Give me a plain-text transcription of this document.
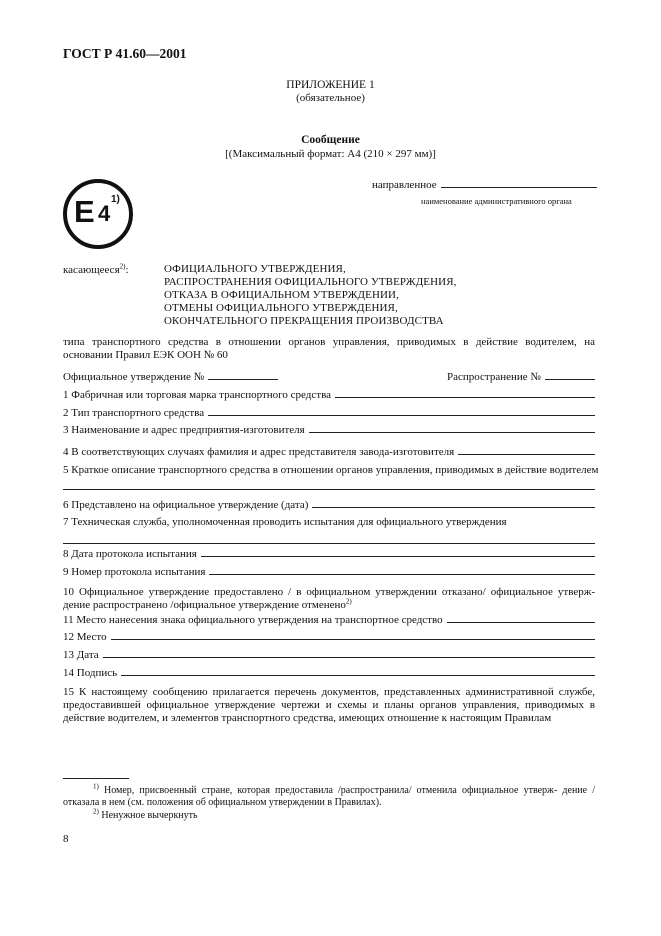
ГОСТ Р 41.60—2001
ПРИЛОЖЕНИЕ 1
(обязательное)
Сообщение
[(Максимальный формат: А4 (210 × 297 мм)]
E 4
1)
направленное
наименование административного органа
касающееся$^{2)}$:	ОФИЦИАЛЬНОГО УТВЕРЖДЕНИЯ,
РАСПРОСТРАНЕНИЯ ОФИЦИАЛЬНОГО УТВЕРЖДЕНИЯ,
ОТКАЗА В ОФИЦИАЛЬНОМ УТВЕРЖДЕНИИ,
ОТМЕНЫ ОФИЦИАЛЬНОГО УТВЕРЖДЕНИЯ,
ОКОНЧАТЕЛЬНОГО ПРЕКРАЩЕНИЯ ПРОИЗВОДСТВА
типа транспортного средства в отношении органов управления, приводимых в действие водителем, на основании Правил ЕЭК ООН № 60
Официальное утверждение №	Распространение №
1 Фабричная или торговая марка транспортного средства
2 Тип транспортного средства
3 Наименование и адрес предприятия-изготовителя
4 В соответствующих случаях фамилия и адрес представителя завода-изготовителя
5 Краткое описание транспортного средства в отношении органов управления, приводимых в действие водителем
6 Представлено на официальное утверждение (дата)
7 Техническая служба, уполномоченная проводить испытания для официального утверждения
8 Дата протокола испытания
9 Номер протокола испытания
10 Официальное утверждение предоставлено / в официальном утверждении отказано/ официальное утверж- дение распространено /официальное утверждение отменено$^{2)}$
11 Место нанесения знака официального утверждения на транспортное средство
12 Место
13 Дата
14 Подпись
15 К настоящему сообщению прилагается перечень документов, представленных административной службе, предоставившей официальное утверждение чертежи и схемы и планы органов управления, приводимых в действие водителем, и элементов транспортного средства, имеющих отношение к настоящим Правилам
$^{1)}$ Номер, присвоенный стране, которая предоставила /распространила/ отменила официальное утверж- дение /отказала в нем (см. положения об официальном утверждении в Правилах).
$^{2)}$ Ненужное вычеркнуть
8
